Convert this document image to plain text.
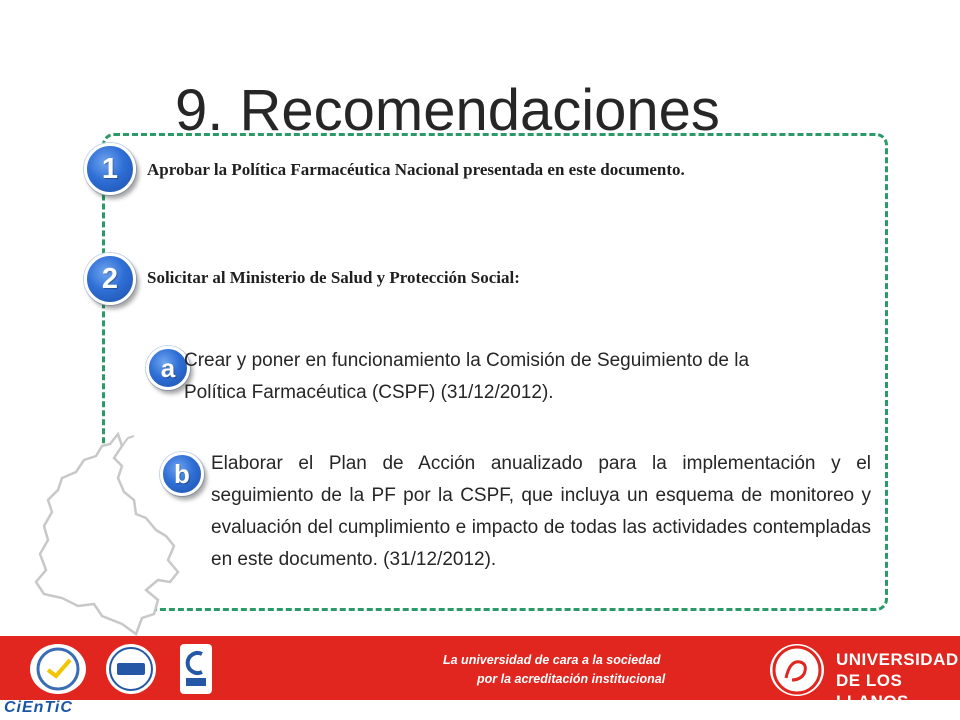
9. Recomendaciones
1	Aprobar la Política Farmacéutica Nacional presentada en este documento.
2	Solicitar al Ministerio de Salud y Protección Social:
a Crear y poner en funcionamiento la Comisión de Seguimiento de la Política Farmacéutica (CSPF) (31/12/2012).
b	Elaborar el Plan de Acción anualizado para la implementación y el seguimiento de la PF por la CSPF, que incluya un esquema de monitoreo y evaluación del cumplimiento e impacto de todas las actividades contempladas en este documento. (31/12/2012).
La universidad de cara a la sociedad
por la acreditación institucional
UNIVERSIDAD
DE LOS LLANOS
CiEnTiC
